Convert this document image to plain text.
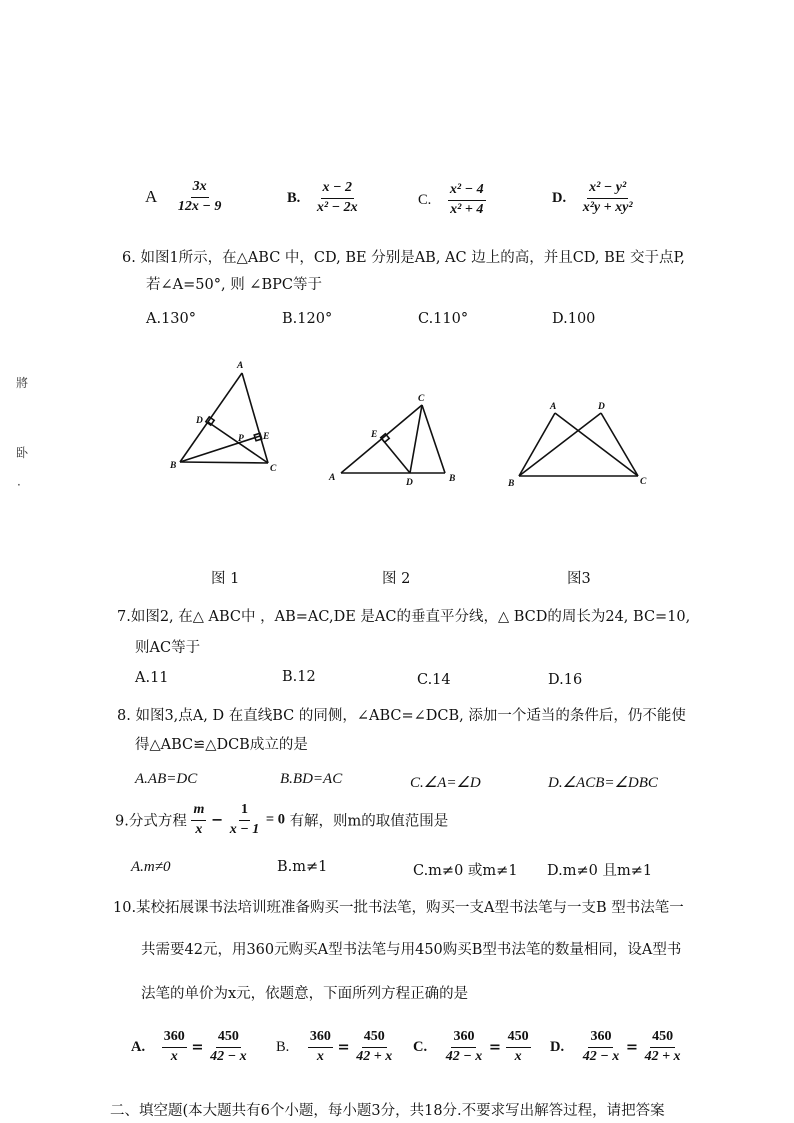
A $\frac{3x}{12x - 9}$	B. $\frac{x - 2}{\text{x² − 2x}}$	C. $\frac{\text{x² − 4}}{\text{x² + 4}}$	D. $\frac{\text{x² − y²}}{\text{x²y + xy²}}$
6. 如图1所示，在△ABC 中，CD, BE 分别是AB, AC 边上的高，并且CD, BE 交于点P,
若∠A=50°, 则 ∠BPC等于
A.130°	B.120°	C.110°	D.100
將
卧
·
A
B	C
D
E
P
A	B
C
D
E
A
B	C
D
图 1	图 2	图3
7.如图2, 在△ ABC中 ，AB=AC,DE 是AC的垂直平分线，△ BCD的周长为24, BC=10,
则AC等于
A.11	B.12	C.14	D.16
8. 如图3,点A, D 在直线BC 的同侧，∠ABC=∠DCB, 添加一个适当的条件后，仍不能使
得△ABC≌△DCB成立的是
A.AB=DC	B.BD=AC	C.∠A=∠D	D.∠ACB=∠DBC
9.分式方程 $\frac{m}{x} - \frac{1}{x - 1} = 0$ 有解，则m的取值范围是
A.m≠0	B.m≠1	C.m≠0 或m≠1 D.m≠0 且m≠1
10.某校拓展课书法培训班准备购买一批书法笔，购买一支A型书法笔与一支B 型书法笔一
共需要42元，用360元购买A型书法笔与用450购买B型书法笔的数量相同，设A型书
法笔的单价为x元，依题意，下面所列方程正确的是
A. $\frac{360}{x} = \frac{450}{42 - x} B$. $\frac{360}{x} = \frac{450}{42 + x} C$. $\frac{360}{42 - x} = \frac{450}{x} D$. $\frac{360}{42 - x} = \frac{450}{42 + x}$
二、填空题(本大题共有6个小题，每小题3分，共18分.不要求写出解答过程，请把答案
